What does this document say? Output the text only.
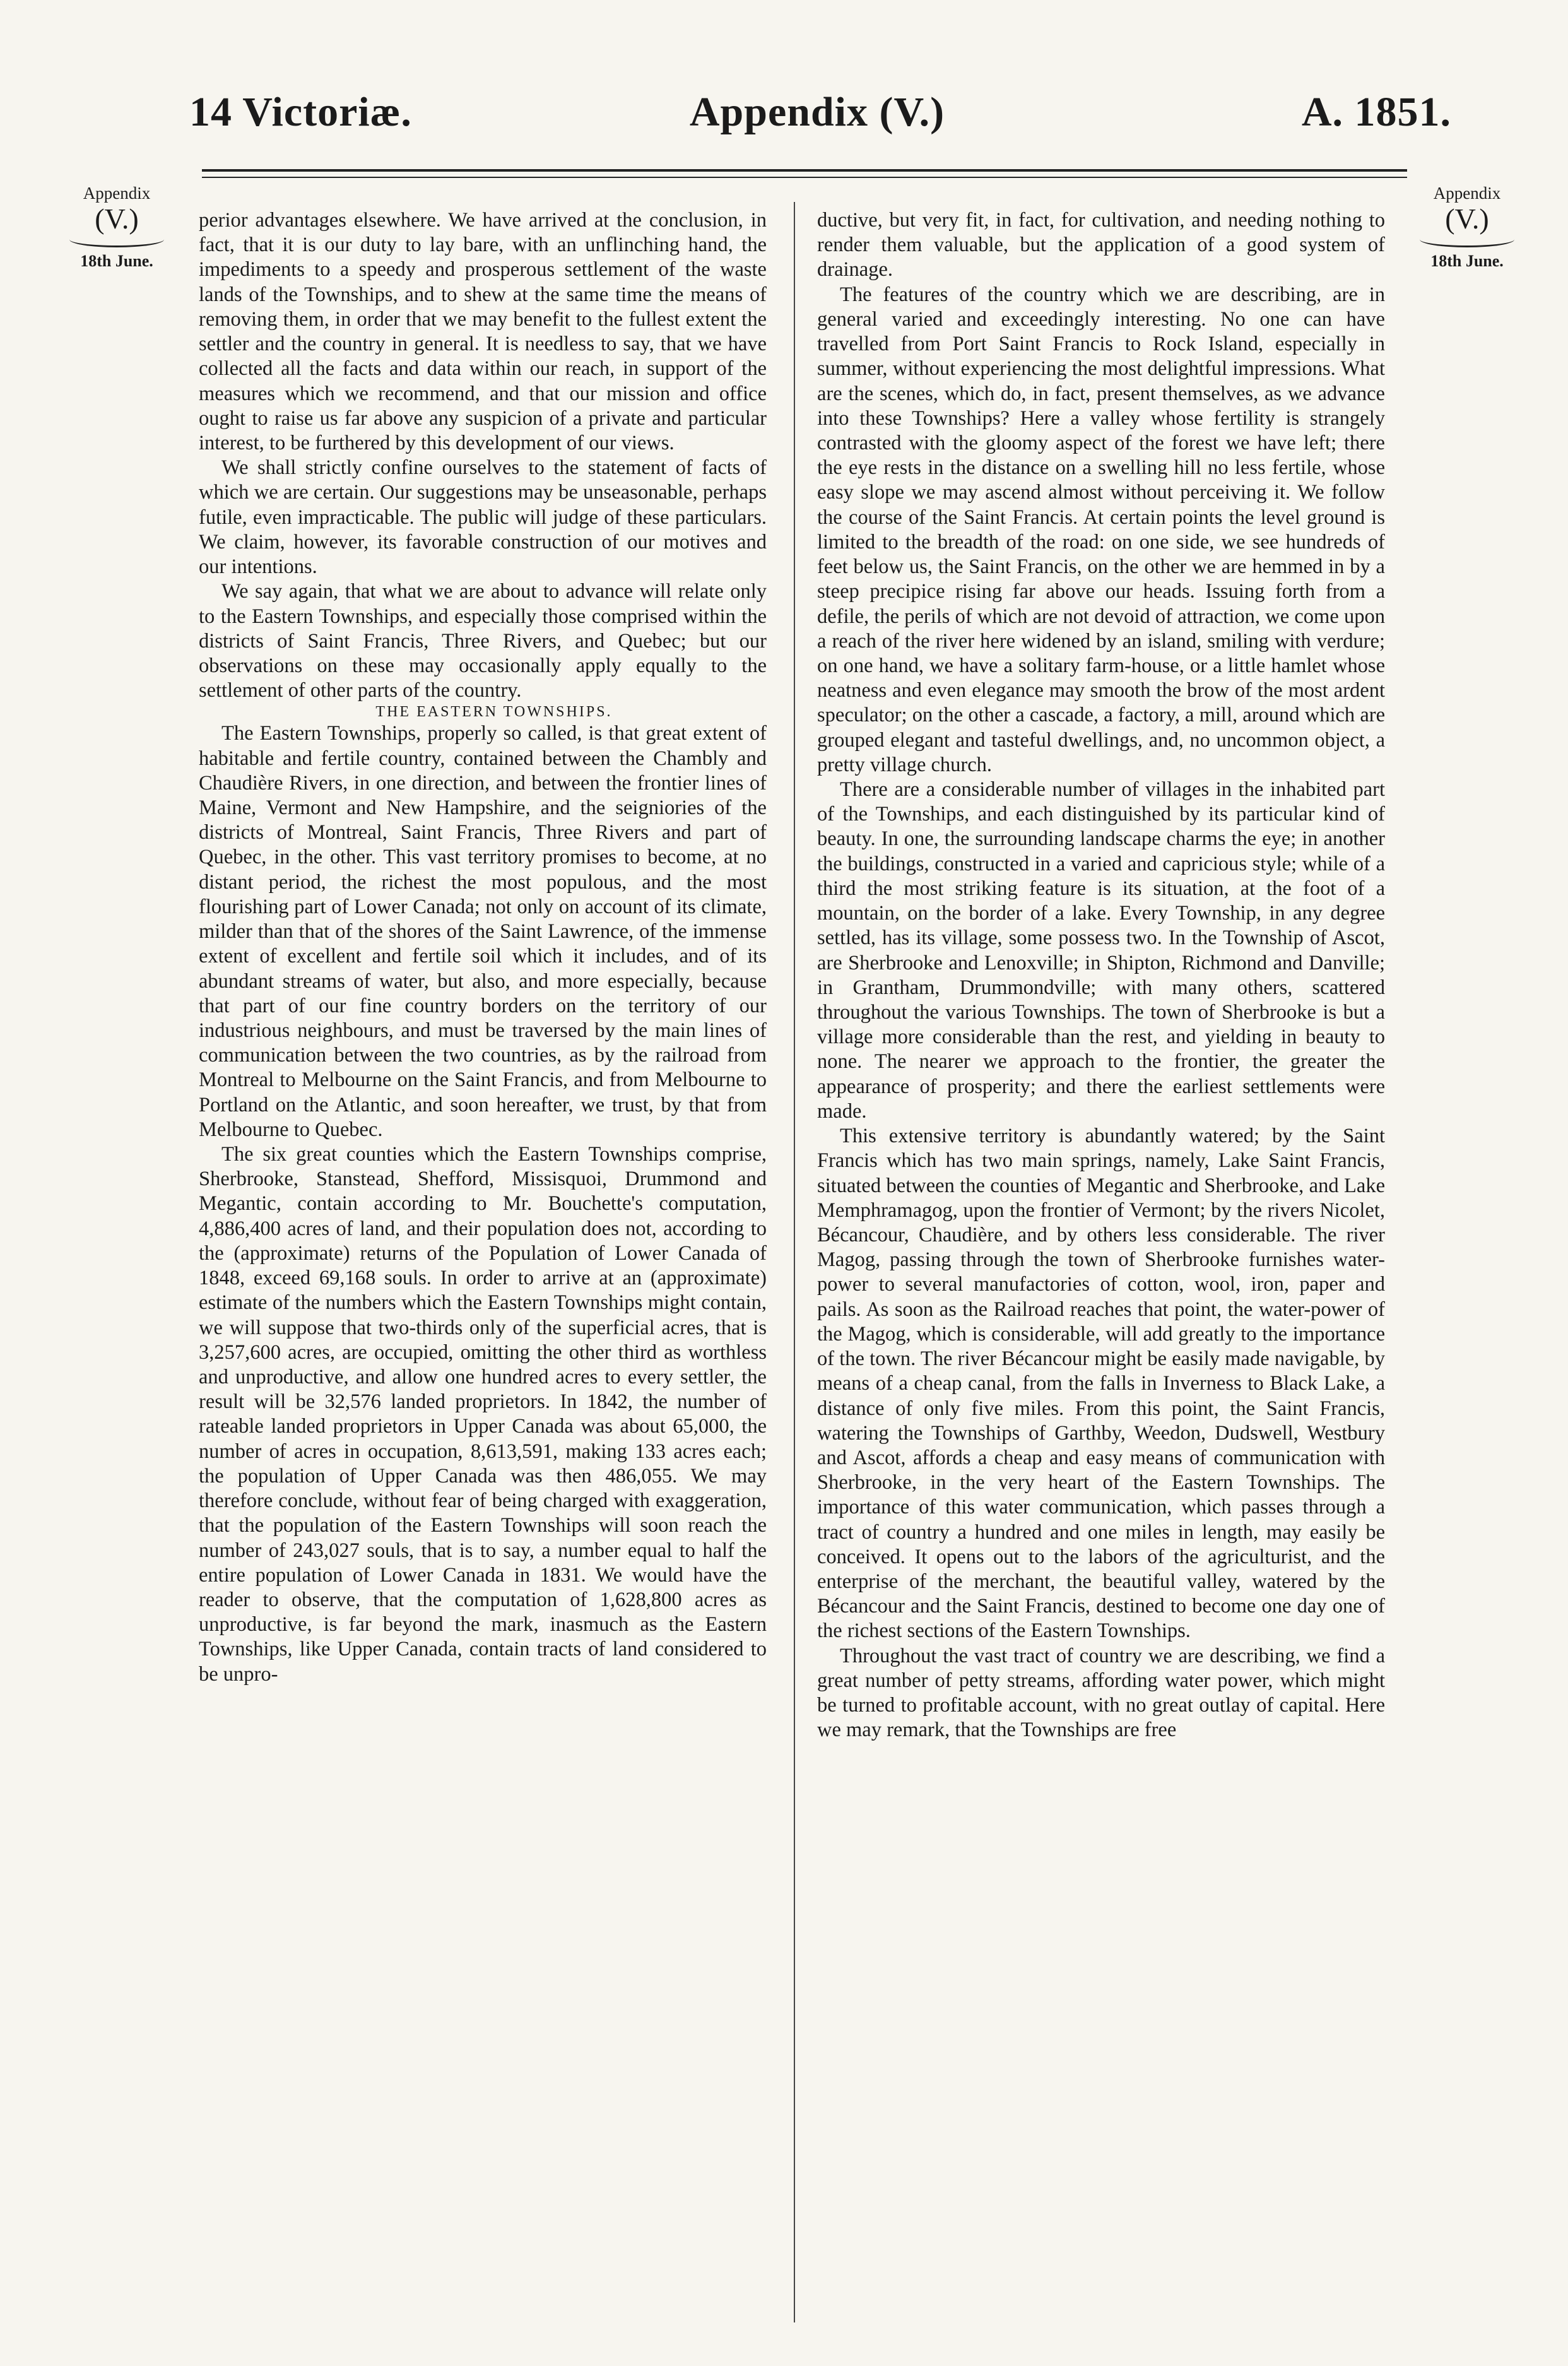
14 Victoriæ.	Appendix (V.)	A. 1851.
Appendix
(V.)
18th June.
Appendix
(V.)
18th June.

perior advantages elsewhere. We have arrived at the conclusion, in fact, that it is our duty to lay bare, with an unflinching hand, the impediments to a speedy and prosperous settlement of the waste lands of the Townships, and to shew at the same time the means of removing them, in order that we may benefit to the fullest extent the settler and the country in general. It is needless to say, that we have collected all the facts and data within our reach, in support of the measures which we recommend, and that our mission and office ought to raise us far above any suspicion of a private and particular interest, to be furthered by this development of our views.

We shall strictly confine ourselves to the statement of facts of which we are certain. Our suggestions may be unseasonable, perhaps futile, even impracticable. The public will judge of these particulars. We claim, however, its favorable construction of our motives and our intentions.

We say again, that what we are about to advance will relate only to the Eastern Townships, and especially those comprised within the districts of Saint Francis, Three Rivers, and Quebec; but our observations on these may occasionally apply equally to the settlement of other parts of the country.

THE EASTERN TOWNSHIPS.

The Eastern Townships, properly so called, is that great extent of habitable and fertile country, contained between the Chambly and Chaudière Rivers, in one direction, and between the frontier lines of Maine, Vermont and New Hampshire, and the seigniories of the districts of Montreal, Saint Francis, Three Rivers and part of Quebec, in the other. This vast territory promises to become, at no distant period, the richest the most populous, and the most flourishing part of Lower Canada; not only on account of its climate, milder than that of the shores of the Saint Lawrence, of the immense extent of excellent and fertile soil which it includes, and of its abundant streams of water, but also, and more especially, because that part of our fine country borders on the territory of our industrious neighbours, and must be traversed by the main lines of communication between the two countries, as by the railroad from Montreal to Melbourne on the Saint Francis, and from Melbourne to Portland on the Atlantic, and soon hereafter, we trust, by that from Melbourne to Quebec.

The six great counties which the Eastern Townships comprise, Sherbrooke, Stanstead, Shefford, Missisquoi, Drummond and Megantic, contain according to Mr. Bouchette's computation, 4,886,400 acres of land, and their population does not, according to the (approximate) returns of the Population of Lower Canada of 1848, exceed 69,168 souls. In order to arrive at an (approximate) estimate of the numbers which the Eastern Townships might contain, we will suppose that two-thirds only of the superficial acres, that is 3,257,600 acres, are occupied, omitting the other third as worthless and unproductive, and allow one hundred acres to every settler, the result will be 32,576 landed proprietors. In 1842, the number of rateable landed proprietors in Upper Canada was about 65,000, the number of acres in occupation, 8,613,591, making 133 acres each; the population of Upper Canada was then 486,055. We may therefore conclude, without fear of being charged with exaggeration, that the population of the Eastern Townships will soon reach the number of 243,027 souls, that is to say, a number equal to half the entire population of Lower Canada in 1831. We would have the reader to observe, that the computation of 1,628,800 acres as unproductive, is far beyond the mark, inasmuch as the Eastern Townships, like Upper Canada, contain tracts of land considered to be unpro-

ductive, but very fit, in fact, for cultivation, and needing nothing to render them valuable, but the application of a good system of drainage.

The features of the country which we are describing, are in general varied and exceedingly interesting. No one can have travelled from Port Saint Francis to Rock Island, especially in summer, without experiencing the most delightful impressions. What are the scenes, which do, in fact, present themselves, as we advance into these Townships? Here a valley whose fertility is strangely contrasted with the gloomy aspect of the forest we have left; there the eye rests in the distance on a swelling hill no less fertile, whose easy slope we may ascend almost without perceiving it. We follow the course of the Saint Francis. At certain points the level ground is limited to the breadth of the road: on one side, we see hundreds of feet below us, the Saint Francis, on the other we are hemmed in by a steep precipice rising far above our heads. Issuing forth from a defile, the perils of which are not devoid of attraction, we come upon a reach of the river here widened by an island, smiling with verdure; on one hand, we have a solitary farm-house, or a little hamlet whose neatness and even elegance may smooth the brow of the most ardent speculator; on the other a cascade, a factory, a mill, around which are grouped elegant and tasteful dwellings, and, no uncommon object, a pretty village church.

There are a considerable number of villages in the inhabited part of the Townships, and each distinguished by its particular kind of beauty. In one, the surrounding landscape charms the eye; in another the buildings, constructed in a varied and capricious style; while of a third the most striking feature is its situation, at the foot of a mountain, on the border of a lake. Every Township, in any degree settled, has its village, some possess two. In the Township of Ascot, are Sherbrooke and Lenoxville; in Shipton, Richmond and Danville; in Grantham, Drummondville; with many others, scattered throughout the various Townships. The town of Sherbrooke is but a village more considerable than the rest, and yielding in beauty to none. The nearer we approach to the frontier, the greater the appearance of prosperity; and there the earliest settlements were made.

This extensive territory is abundantly watered; by the Saint Francis which has two main springs, namely, Lake Saint Francis, situated between the counties of Megantic and Sherbrooke, and Lake Memphramagog, upon the frontier of Vermont; by the rivers Nicolet, Bécancour, Chaudière, and by others less considerable. The river Magog, passing through the town of Sherbrooke furnishes water-power to several manufactories of cotton, wool, iron, paper and pails. As soon as the Railroad reaches that point, the water-power of the Magog, which is considerable, will add greatly to the importance of the town. The river Bécancour might be easily made navigable, by means of a cheap canal, from the falls in Inverness to Black Lake, a distance of only five miles. From this point, the Saint Francis, watering the Townships of Garthby, Weedon, Dudswell, Westbury and Ascot, affords a cheap and easy means of communication with Sherbrooke, in the very heart of the Eastern Townships. The importance of this water communication, which passes through a tract of country a hundred and one miles in length, may easily be conceived. It opens out to the labors of the agriculturist, and the enterprise of the merchant, the beautiful valley, watered by the Bécancour and the Saint Francis, destined to become one day one of the richest sections of the Eastern Townships.

Throughout the vast tract of country we are describing, we find a great number of petty streams, affording water power, which might be turned to profitable account, with no great outlay of capital. Here we may remark, that the Townships are free
